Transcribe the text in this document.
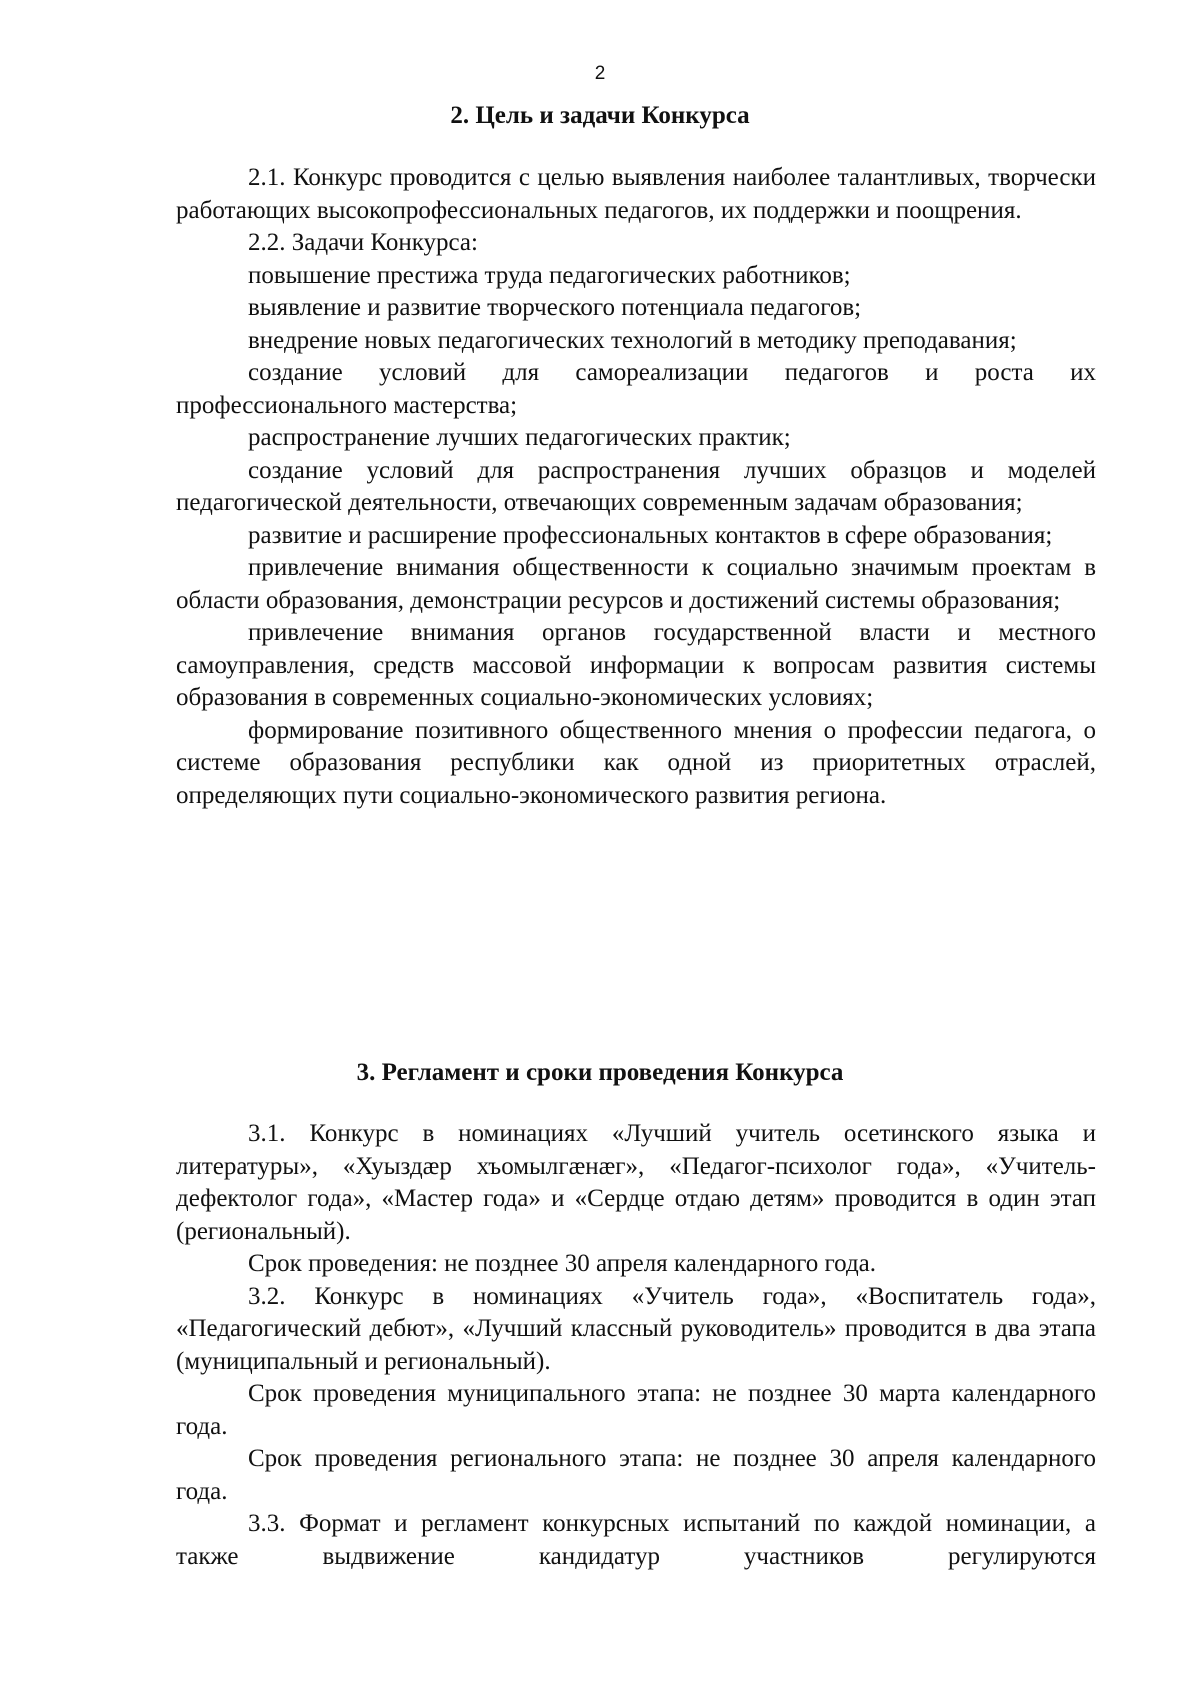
2
2. Цель и задачи Конкурса

2.1. Конкурс проводится с целью выявления наиболее талантливых, творчески работающих высокопрофессиональных педагогов, их поддержки и поощрения.

2.2. Задачи Конкурса:

повышение престижа труда педагогических работников;

выявление и развитие творческого потенциала педагогов;

внедрение новых педагогических технологий в методику преподавания;

создание условий для самореализации педагогов и роста их профессионального мастерства;

распространение лучших педагогических практик;

создание условий для распространения лучших образцов и моделей педагогической деятельности, отвечающих современным задачам образования;

развитие и расширение профессиональных контактов в сфере образования;

привлечение внимания общественности к социально значимым проектам в области образования, демонстрации ресурсов и достижений системы образования;

привлечение внимания органов государственной власти и местного самоуправления, средств массовой информации к вопросам развития системы образования в современных социально-экономических условиях;

формирование позитивного общественного мнения о профессии педагога, о системе образования республики как одной из приоритетных отраслей, определяющих пути социально-экономического развития региона.

3. Регламент и сроки проведения Конкурса

3.1. Конкурс в номинациях «Лучший учитель осетинского языка и литературы», «Хуыздæр хъомылгæнæг», «Педагог-психолог года», «Учитель-дефектолог года», «Мастер года» и «Сердце отдаю детям» проводится в один этап (региональный).

Срок проведения: не позднее 30 апреля календарного года.

3.2. Конкурс в номинациях «Учитель года», «Воспитатель года», «Педагогический дебют», «Лучший классный руководитель» проводится в два этапа (муниципальный и региональный).

Срок проведения муниципального этапа: не позднее 30 марта календарного года.

Срок проведения регионального этапа: не позднее 30 апреля календарного года.

3.3. Формат и регламент конкурсных испытаний по каждой номинации, а также выдвижение кандидатур участников регулируются
